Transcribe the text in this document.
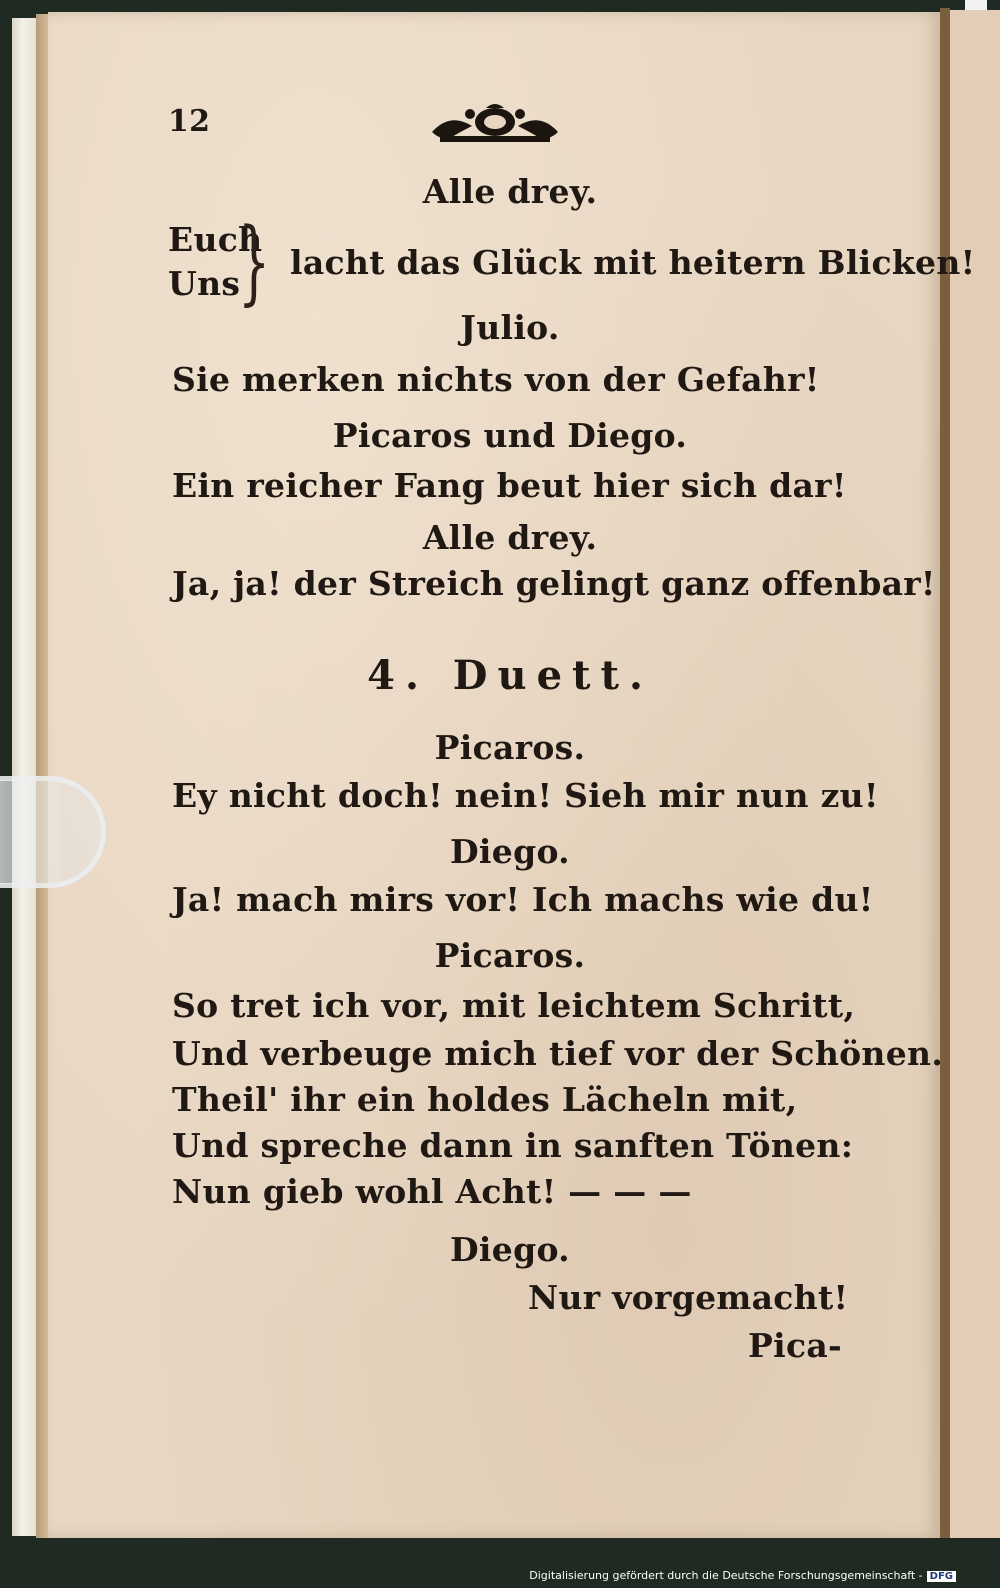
12
Alle drey.
Euch
Uns
} lacht das Glück mit heitern Blicken!
Julio.
Sie merken nichts von der Gefahr!
Picaros und Diego.
Ein reicher Fang beut hier sich dar!
Alle drey.
Ja, ja! der Streich gelingt ganz offenbar!
4. Duett.
Picaros.
Ey nicht doch! nein! Sieh mir nun zu!
Diego.
Ja! mach mirs vor! Ich machs wie du!
Picaros.
So tret ich vor, mit leichtem Schritt,
Und verbeuge mich tief vor der Schönen.
Theil' ihr ein holdes Lächeln mit,
Und spreche dann in sanften Tönen:
Nun gieb wohl Acht! — — —
Diego.
Nur vorgemacht!
Pica-
Digitalisierung gefördert durch die Deutsche Forschungsgemeinschaft - DFG
